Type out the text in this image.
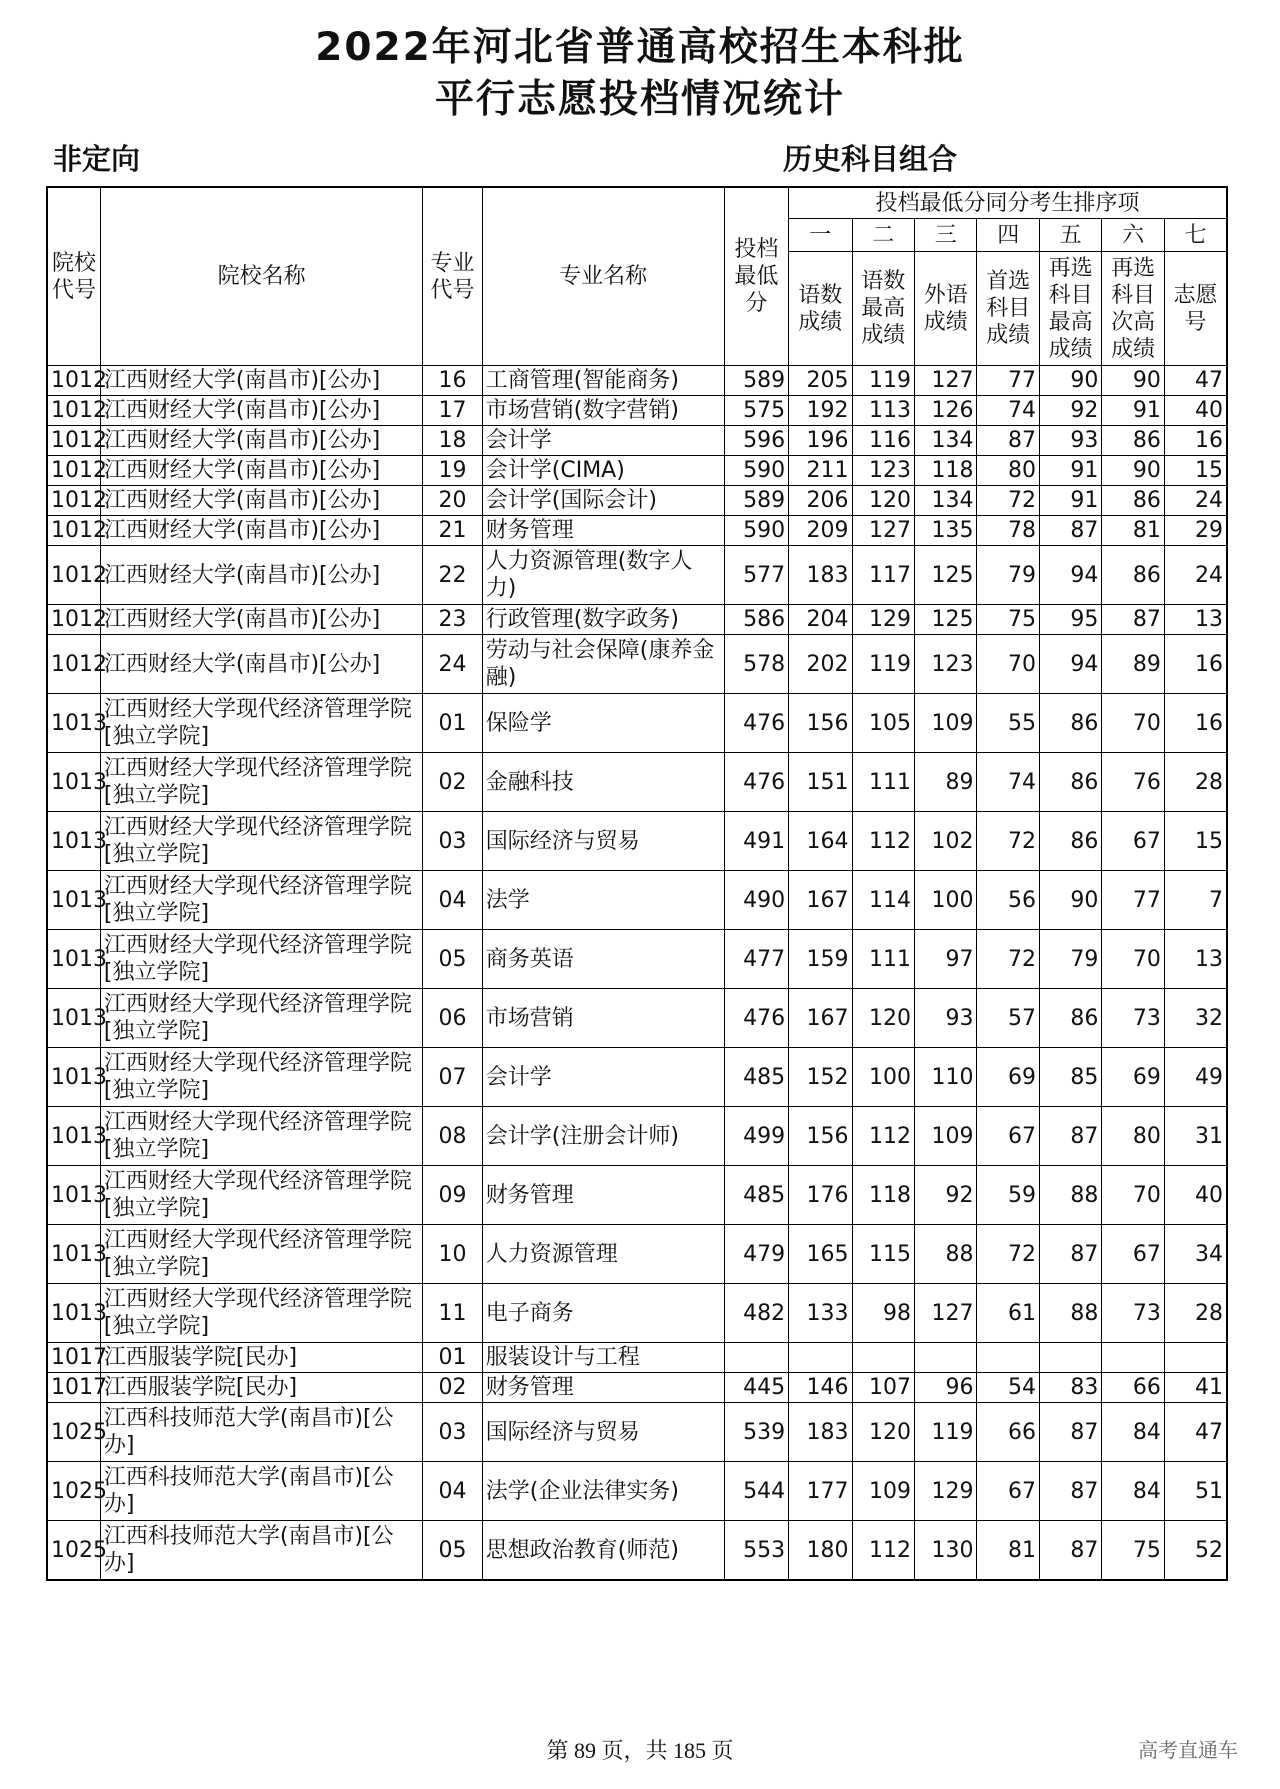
2022年河北省普通高校招生本科批
平行志愿投档情况统计
非定向	历史科目组合
院校代号	院校名称	专业代号	专业名称	投档最低分	投档最低分同分考生排序项						
					一	二	三	四	五	六	七
					语数成绩	语数最高成绩	外语成绩	首选科目成绩	再选科目最高成绩	再选科目次高成绩	志愿号
1012	江西财经大学(南昌市)[公办]	16	工商管理(智能商务)	589	205	119	127	77	90	90	47
1012	江西财经大学(南昌市)[公办]	17	市场营销(数字营销)	575	192	113	126	74	92	91	40
1012	江西财经大学(南昌市)[公办]	18	会计学	596	196	116	134	87	93	86	16
1012	江西财经大学(南昌市)[公办]	19	会计学(CIMA)	590	211	123	118	80	91	90	15
1012	江西财经大学(南昌市)[公办]	20	会计学(国际会计)	589	206	120	134	72	91	86	24
1012	江西财经大学(南昌市)[公办]	21	财务管理	590	209	127	135	78	87	81	29
1012	江西财经大学(南昌市)[公办]	22	人力资源管理(数字人力)	577	183	117	125	79	94	86	24
1012	江西财经大学(南昌市)[公办]	23	行政管理(数字政务)	586	204	129	125	75	95	87	13
1012	江西财经大学(南昌市)[公办]	24	劳动与社会保障(康养金融)	578	202	119	123	70	94	89	16
1013	江西财经大学现代经济管理学院[独立学院]	01	保险学	476	156	105	109	55	86	70	16
1013	江西财经大学现代经济管理学院[独立学院]	02	金融科技	476	151	111	89	74	86	76	28
1013	江西财经大学现代经济管理学院[独立学院]	03	国际经济与贸易	491	164	112	102	72	86	67	15
1013	江西财经大学现代经济管理学院[独立学院]	04	法学	490	167	114	100	56	90	77	7
1013	江西财经大学现代经济管理学院[独立学院]	05	商务英语	477	159	111	97	72	79	70	13
1013	江西财经大学现代经济管理学院[独立学院]	06	市场营销	476	167	120	93	57	86	73	32
1013	江西财经大学现代经济管理学院[独立学院]	07	会计学	485	152	100	110	69	85	69	49
1013	江西财经大学现代经济管理学院[独立学院]	08	会计学(注册会计师)	499	156	112	109	67	87	80	31
1013	江西财经大学现代经济管理学院[独立学院]	09	财务管理	485	176	118	92	59	88	70	40
1013	江西财经大学现代经济管理学院[独立学院]	10	人力资源管理	479	165	115	88	72	87	67	34
1013	江西财经大学现代经济管理学院[独立学院]	11	电子商务	482	133	98	127	61	88	73	28
1017	江西服装学院[民办]	01	服装设计与工程								
1017	江西服装学院[民办]	02	财务管理	445	146	107	96	54	83	66	41
1025	江西科技师范大学(南昌市)[公办]	03	国际经济与贸易	539	183	120	119	66	87	84	47
1025	江西科技师范大学(南昌市)[公办]	04	法学(企业法律实务)	544	177	109	129	67	87	84	51
1025	江西科技师范大学(南昌市)[公办]	05	思想政治教育(师范)	553	180	112	130	81	87	75	52
第 89 页，共 185 页	高考直通车
